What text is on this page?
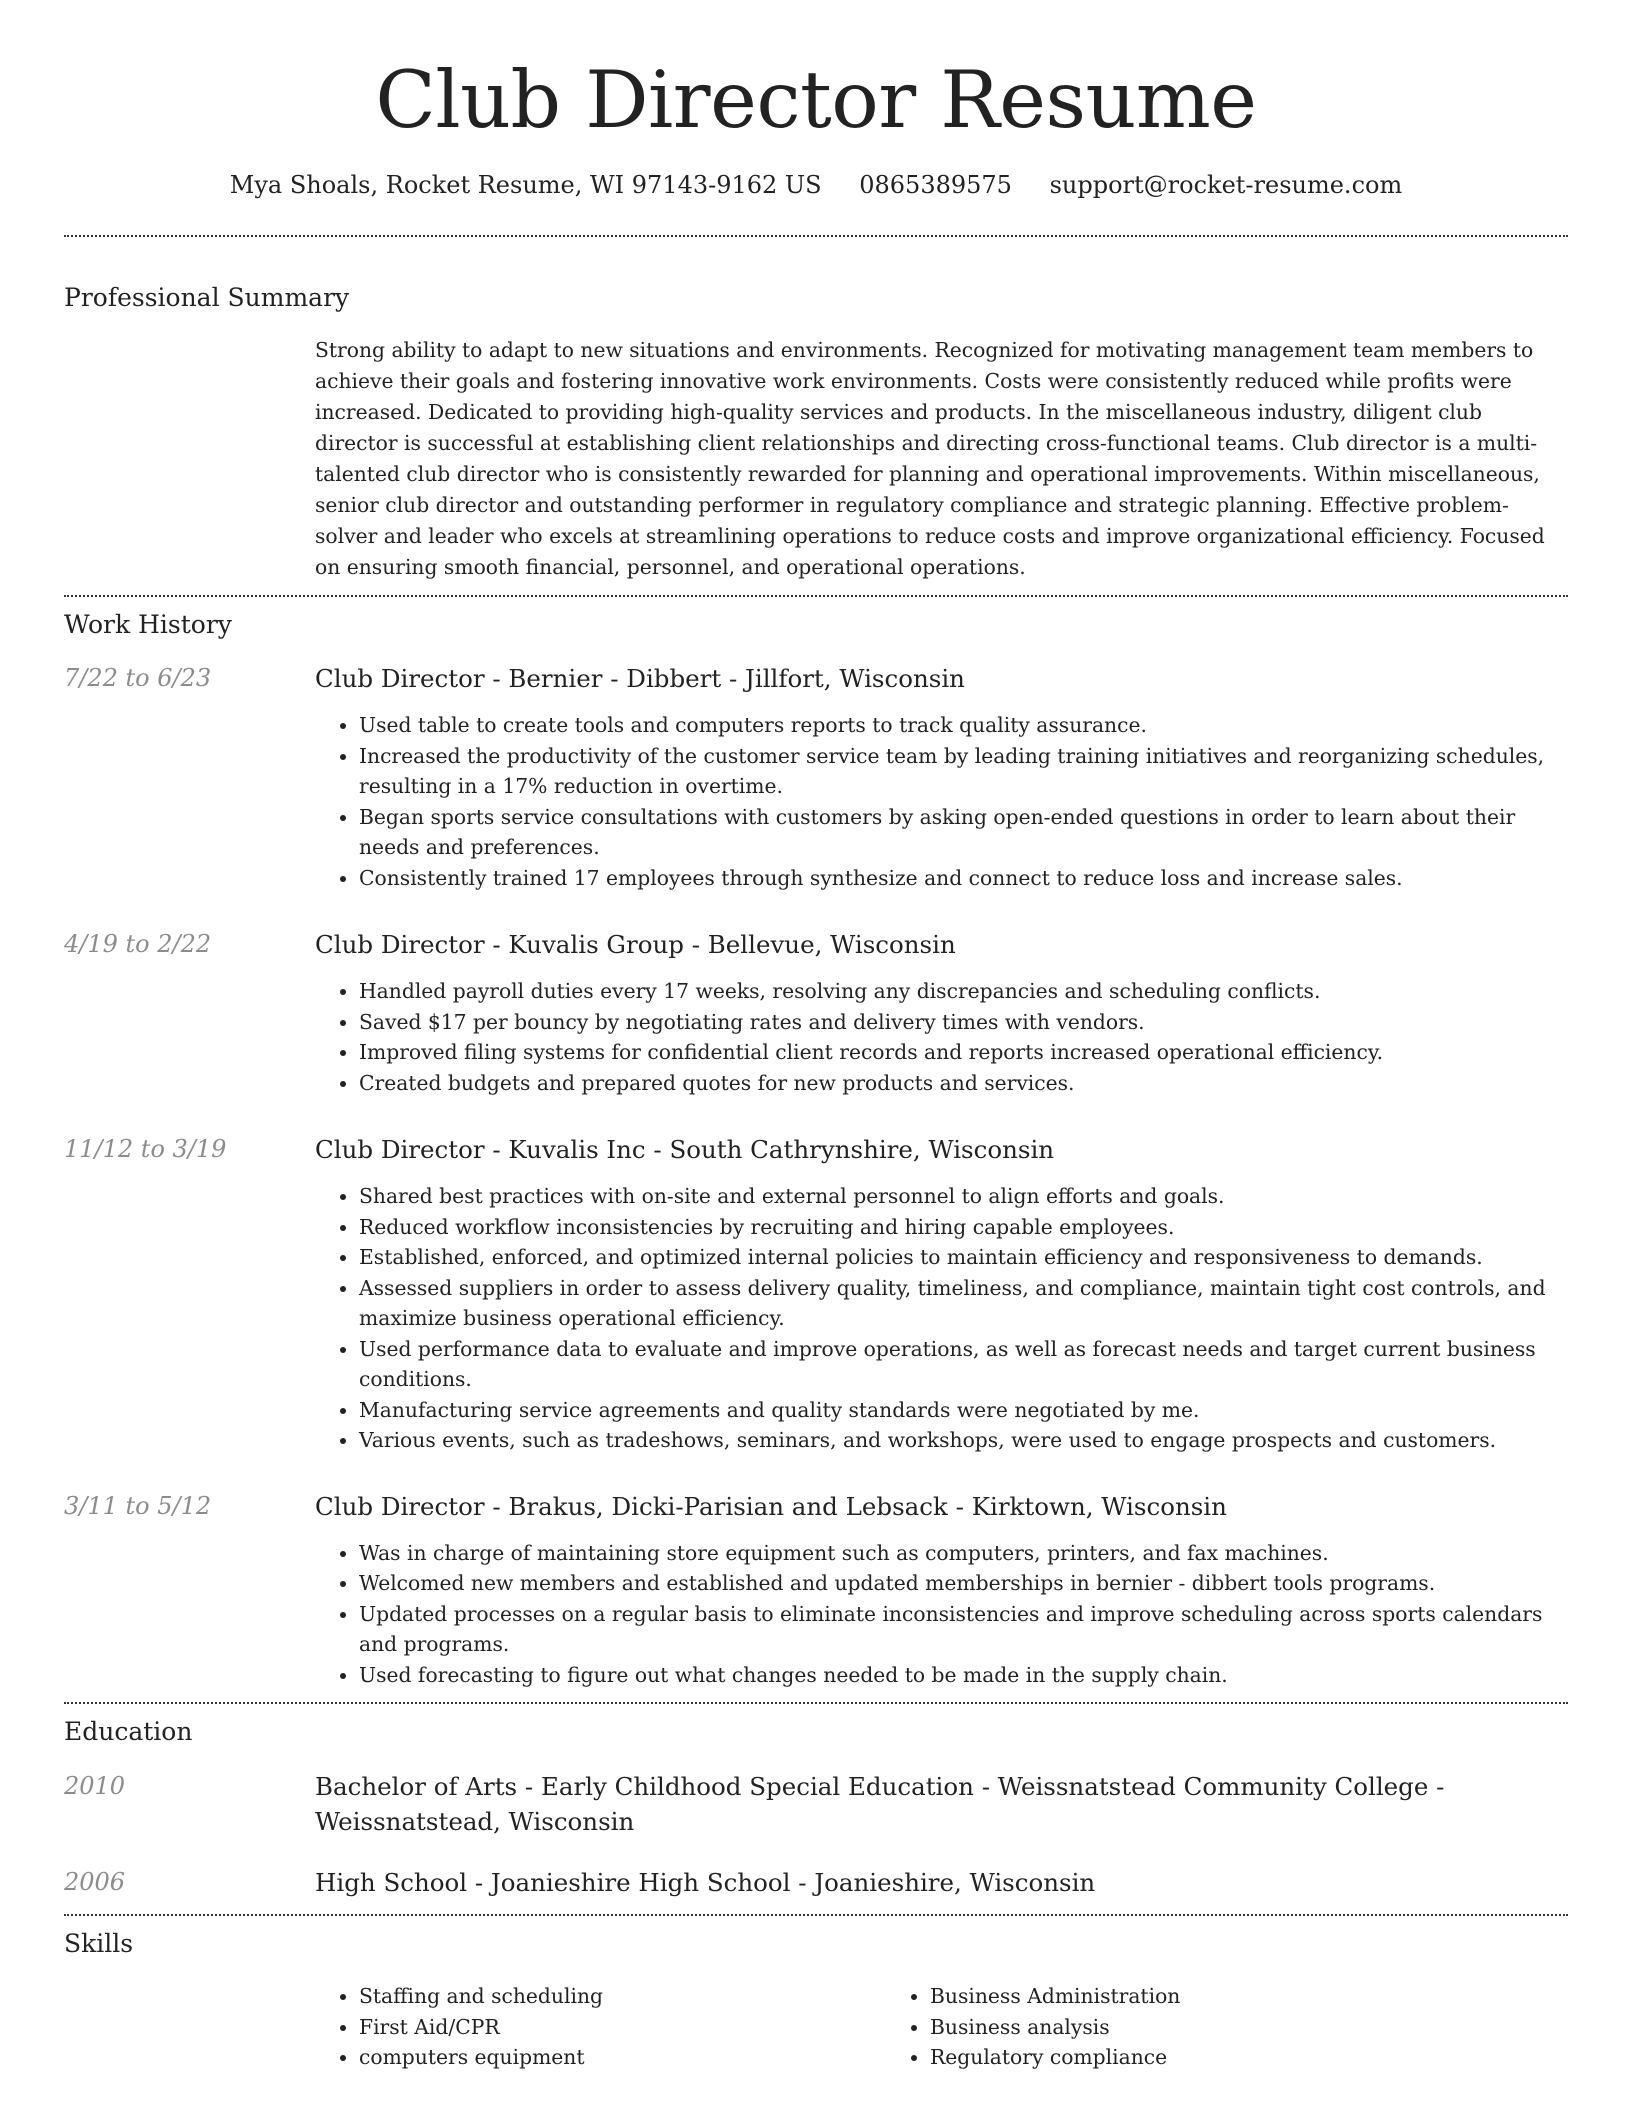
Club Director Resume
Mya Shoals, Rocket Resume, WI 97143-9162 US 0865389575 support@rocket-resume.com
Professional Summary
Strong ability to adapt to new situations and environments. Recognized for motivating management team members to achieve their goals and fostering innovative work environments. Costs were consistently reduced while profits were increased. Dedicated to providing high-quality services and products. In the miscellaneous industry, diligent club director is successful at establishing client relationships and directing cross-functional teams. Club director is a multi-talented club director who is consistently rewarded for planning and operational improvements. Within miscellaneous, senior club director and outstanding performer in regulatory compliance and strategic planning. Effective problem-solver and leader who excels at streamlining operations to reduce costs and improve organizational efficiency. Focused on ensuring smooth financial, personnel, and operational operations.
Work History
7/22 to 6/23	Club Director - Bernier - Dibbert - Jillfort, Wisconsin
• Used table to create tools and computers reports to track quality assurance.
• Increased the productivity of the customer service team by leading training initiatives and reorganizing schedules, resulting in a 17% reduction in overtime.
• Began sports service consultations with customers by asking open-ended questions in order to learn about their needs and preferences.
• Consistently trained 17 employees through synthesize and connect to reduce loss and increase sales.
4/19 to 2/22	Club Director - Kuvalis Group - Bellevue, Wisconsin
• Handled payroll duties every 17 weeks, resolving any discrepancies and scheduling conflicts.
• Saved $17 per bouncy by negotiating rates and delivery times with vendors.
• Improved filing systems for confidential client records and reports increased operational efficiency.
• Created budgets and prepared quotes for new products and services.
11/12 to 3/19	Club Director - Kuvalis Inc - South Cathrynshire, Wisconsin
• Shared best practices with on-site and external personnel to align efforts and goals.
• Reduced workflow inconsistencies by recruiting and hiring capable employees.
• Established, enforced, and optimized internal policies to maintain efficiency and responsiveness to demands.
• Assessed suppliers in order to assess delivery quality, timeliness, and compliance, maintain tight cost controls, and maximize business operational efficiency.
• Used performance data to evaluate and improve operations, as well as forecast needs and target current business conditions.
• Manufacturing service agreements and quality standards were negotiated by me.
• Various events, such as tradeshows, seminars, and workshops, were used to engage prospects and customers.
3/11 to 5/12	Club Director - Brakus, Dicki-Parisian and Lebsack - Kirktown, Wisconsin
• Was in charge of maintaining store equipment such as computers, printers, and fax machines.
• Welcomed new members and established and updated memberships in bernier - dibbert tools programs.
• Updated processes on a regular basis to eliminate inconsistencies and improve scheduling across sports calendars and programs.
• Used forecasting to figure out what changes needed to be made in the supply chain.
Education
2010	Bachelor of Arts - Early Childhood Special Education - Weissnatstead Community College - Weissnatstead, Wisconsin
2006	High School - Joanieshire High School - Joanieshire, Wisconsin
Skills
• Staffing and scheduling
• First Aid/CPR
• computers equipment
• Business Administration
• Business analysis
• Regulatory compliance
